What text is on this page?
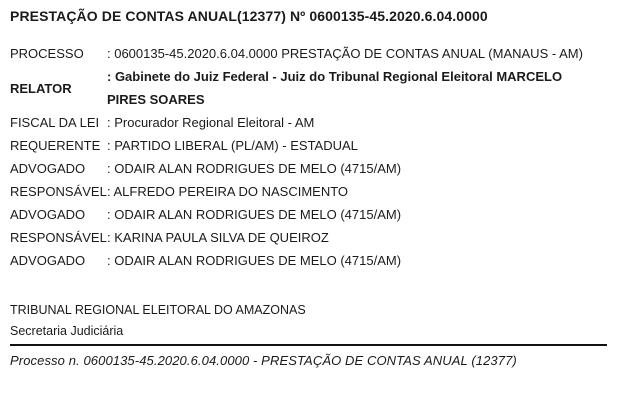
PRESTAÇÃO DE CONTAS ANUAL(12377) Nº 0600135-45.2020.6.04.0000
PROCESSO	: 0600135-45.2020.6.04.0000 PRESTAÇÃO DE CONTAS ANUAL (MANAUS - AM)
RELATOR
: Gabinete do Juiz Federal - Juiz do Tribunal Regional Eleitoral MARCELO PIRES SOARES
FISCAL DA LEI : Procurador Regional Eleitoral - AM
REQUERENTE : PARTIDO LIBERAL (PL/AM) - ESTADUAL
ADVOGADO	: ODAIR ALAN RODRIGUES DE MELO (4715/AM)
RESPONSÁVEL : ALFREDO PEREIRA DO NASCIMENTO
ADVOGADO	: ODAIR ALAN RODRIGUES DE MELO (4715/AM)
RESPONSÁVEL : KARINA PAULA SILVA DE QUEIROZ
ADVOGADO	: ODAIR ALAN RODRIGUES DE MELO (4715/AM)
TRIBUNAL REGIONAL ELEITORAL DO AMAZONAS
Secretaria Judiciária
Processo n. 0600135-45.2020.6.04.0000 - PRESTAÇÃO DE CONTAS ANUAL (12377)
